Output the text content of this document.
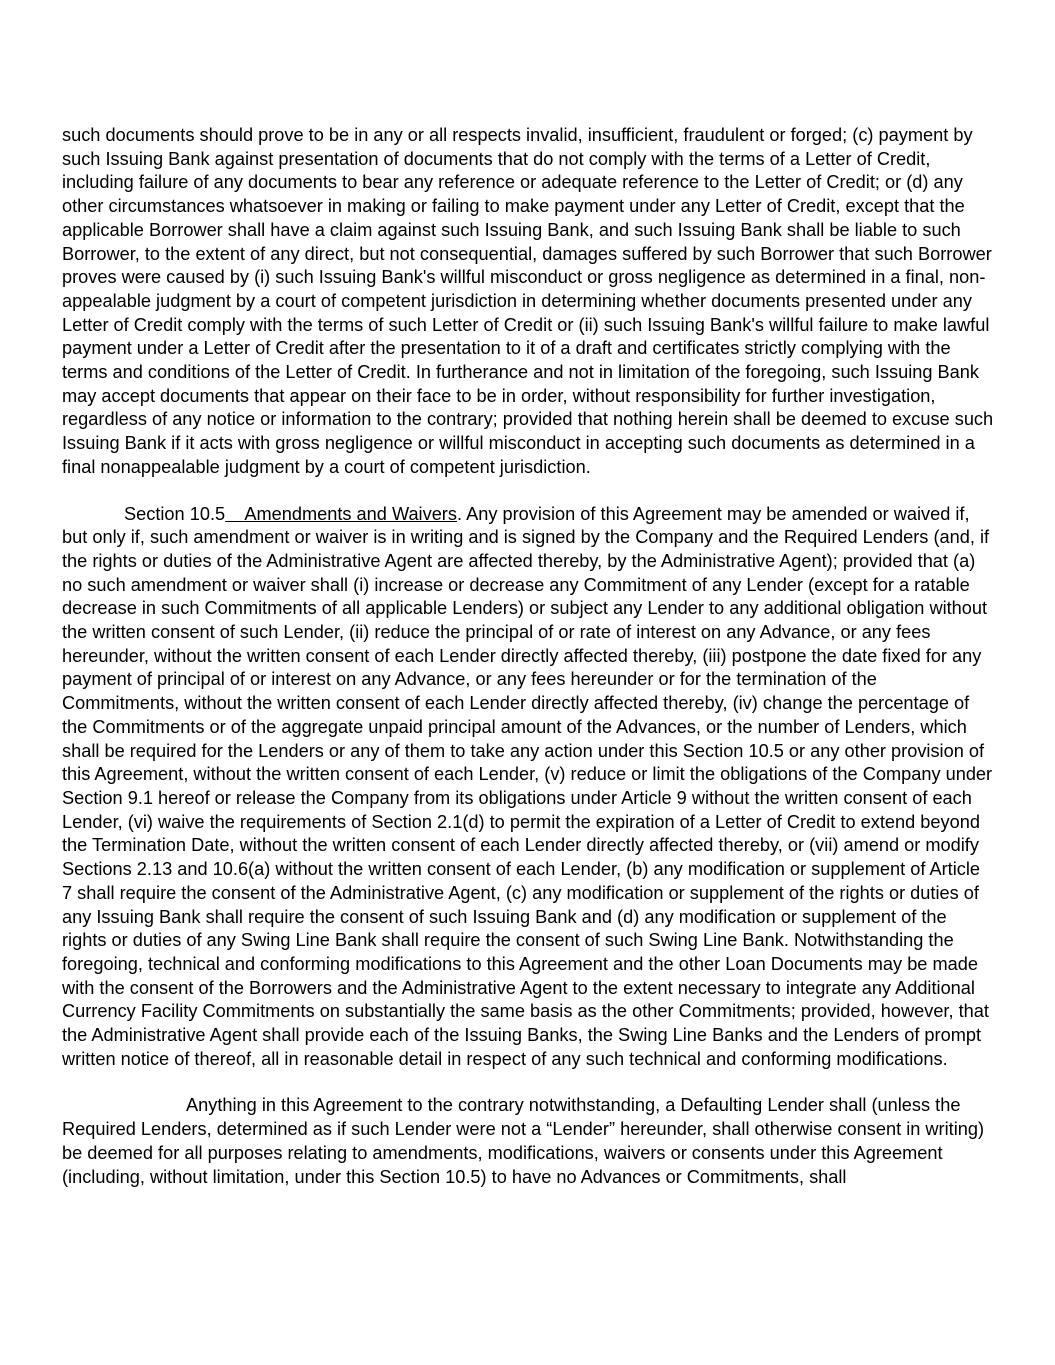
such documents should prove to be in any or all respects invalid, insufficient, fraudulent or forged; (c) payment by such Issuing Bank against presentation of documents that do not comply with the terms of a Letter of Credit, including failure of any documents to bear any reference or adequate reference to the Letter of Credit; or (d) any other circumstances whatsoever in making or failing to make payment under any Letter of Credit, except that the applicable Borrower shall have a claim against such Issuing Bank, and such Issuing Bank shall be liable to such Borrower, to the extent of any direct, but not consequential, damages suffered by such Borrower that such Borrower proves were caused by (i) such Issuing Bank's willful misconduct or gross negligence as determined in a final, non-appealable judgment by a court of competent jurisdiction in determining whether documents presented under any Letter of Credit comply with the terms of such Letter of Credit or (ii) such Issuing Bank's willful failure to make lawful payment under a Letter of Credit after the presentation to it of a draft and certificates strictly complying with the terms and conditions of the Letter of Credit. In furtherance and not in limitation of the foregoing, such Issuing Bank may accept documents that appear on their face to be in order, without responsibility for further investigation, regardless of any notice or information to the contrary; provided that nothing herein shall be deemed to excuse such Issuing Bank if it acts with gross negligence or willful misconduct in accepting such documents as determined in a final nonappealable judgment by a court of competent jurisdiction.

Section 10.5 Amendments and Waivers. Any provision of this Agreement may be amended or waived if, but only if, such amendment or waiver is in writing and is signed by the Company and the Required Lenders (and, if the rights or duties of the Administrative Agent are affected thereby, by the Administrative Agent); provided that (a) no such amendment or waiver shall (i) increase or decrease any Commitment of any Lender (except for a ratable decrease in such Commitments of all applicable Lenders) or subject any Lender to any additional obligation without the written consent of such Lender, (ii) reduce the principal of or rate of interest on any Advance, or any fees hereunder, without the written consent of each Lender directly affected thereby, (iii) postpone the date fixed for any payment of principal of or interest on any Advance, or any fees hereunder or for the termination of the Commitments, without the written consent of each Lender directly affected thereby, (iv) change the percentage of the Commitments or of the aggregate unpaid principal amount of the Advances, or the number of Lenders, which shall be required for the Lenders or any of them to take any action under this Section 10.5 or any other provision of this Agreement, without the written consent of each Lender, (v) reduce or limit the obligations of the Company under Section 9.1 hereof or release the Company from its obligations under Article 9 without the written consent of each Lender, (vi) waive the requirements of Section 2.1(d) to permit the expiration of a Letter of Credit to extend beyond the Termination Date, without the written consent of each Lender directly affected thereby, or (vii) amend or modify Sections 2.13 and 10.6(a) without the written consent of each Lender, (b) any modification or supplement of Article 7 shall require the consent of the Administrative Agent, (c) any modification or supplement of the rights or duties of any Issuing Bank shall require the consent of such Issuing Bank and (d) any modification or supplement of the rights or duties of any Swing Line Bank shall require the consent of such Swing Line Bank. Notwithstanding the foregoing, technical and conforming modifications to this Agreement and the other Loan Documents may be made with the consent of the Borrowers and the Administrative Agent to the extent necessary to integrate any Additional Currency Facility Commitments on substantially the same basis as the other Commitments; provided, however, that the Administrative Agent shall provide each of the Issuing Banks, the Swing Line Banks and the Lenders of prompt written notice of thereof, all in reasonable detail in respect of any such technical and conforming modifications.

Anything in this Agreement to the contrary notwithstanding, a Defaulting Lender shall (unless the Required Lenders, determined as if such Lender were not a “Lender” hereunder, shall otherwise consent in writing) be deemed for all purposes relating to amendments, modifications, waivers or consents under this Agreement (including, without limitation, under this Section 10.5) to have no Advances or Commitments, shall
